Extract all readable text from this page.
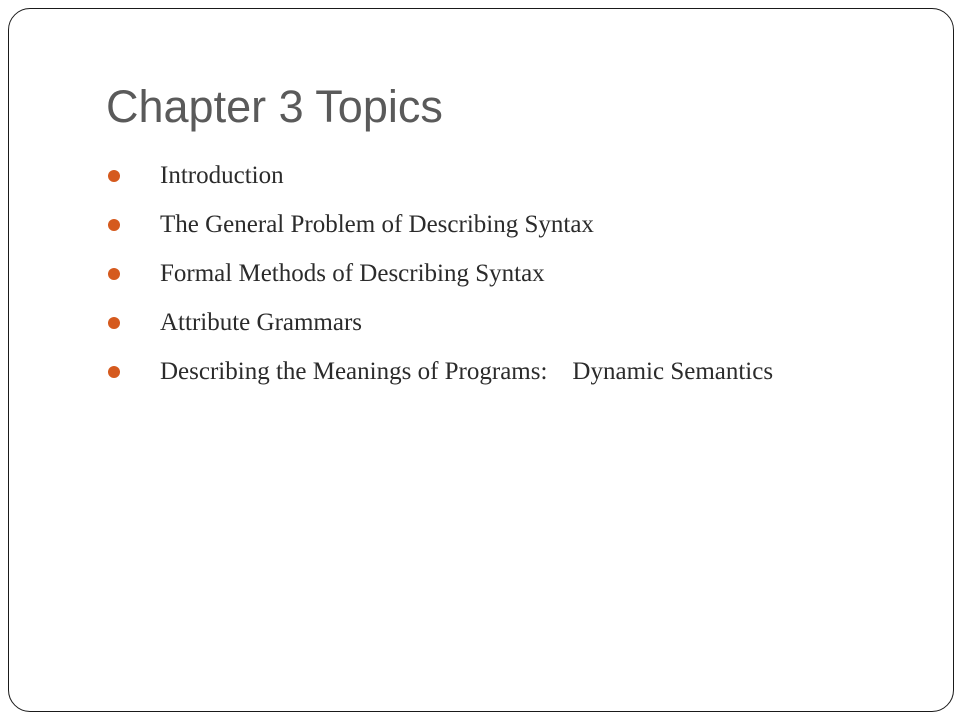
Chapter 3 Topics
Introduction
The General Problem of Describing Syntax
Formal Methods of Describing Syntax
Attribute Grammars
Describing the Meanings of Programs:    Dynamic Semantics
